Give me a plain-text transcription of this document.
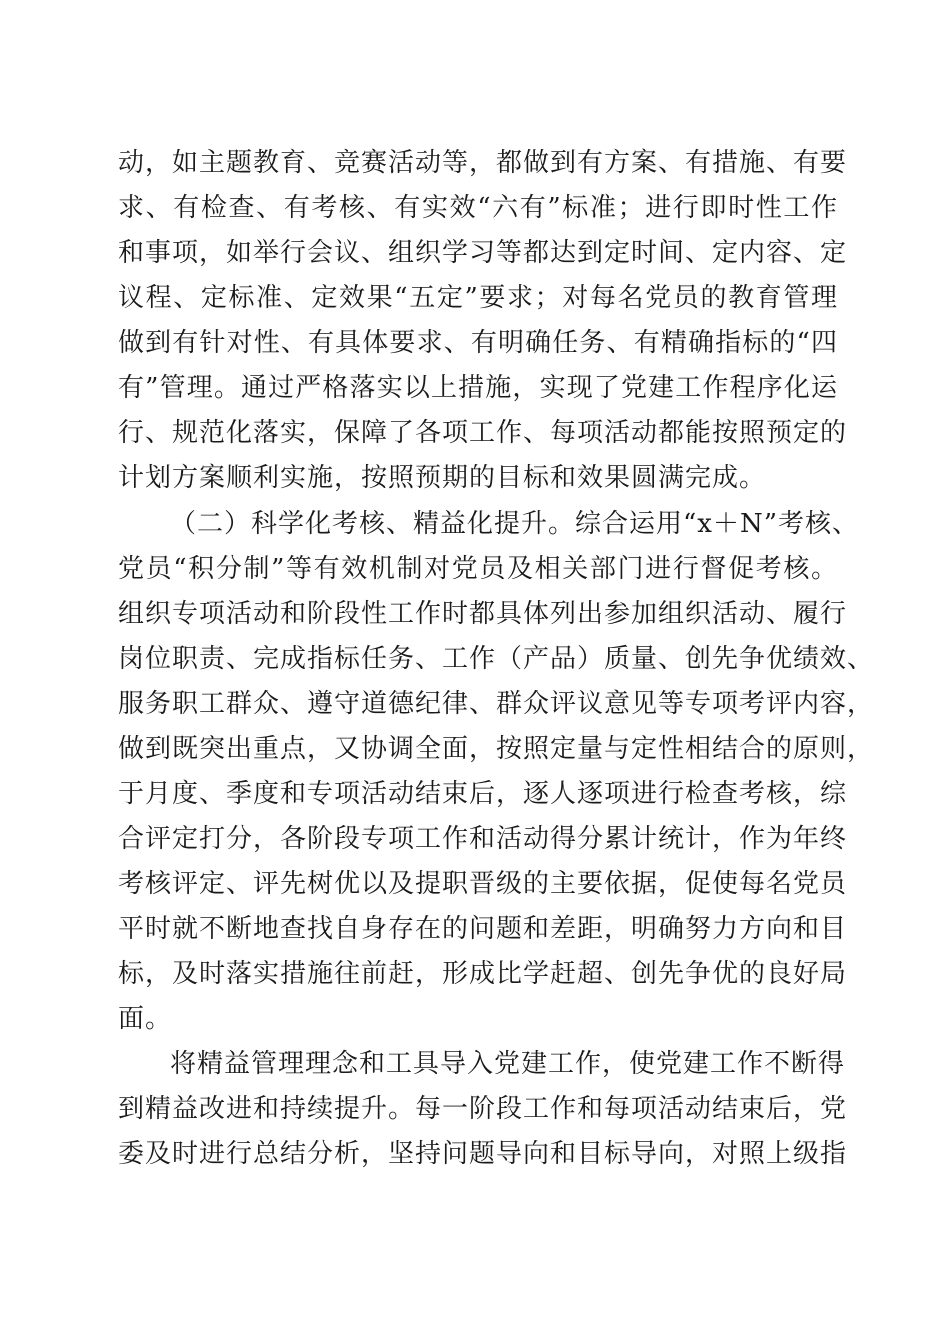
动，如主题教育、竞赛活动等，都做到有方案、有措施、有要
求、有检查、有考核、有实效“六有”标准；进行即时性工作
和事项，如举行会议、组织学习等都达到定时间、定内容、定
议程、定标准、定效果“五定”要求；对每名党员的教育管理
做到有针对性、有具体要求、有明确任务、有精确指标的“四
有”管理。通过严格落实以上措施，实现了党建工作程序化运
行、规范化落实，保障了各项工作、每项活动都能按照预定的
计划方案顺利实施，按照预期的目标和效果圆满完成。
（二）科学化考核、精益化提升。综合运用“x＋N”考核、
党员“积分制”等有效机制对党员及相关部门进行督促考核。
组织专项活动和阶段性工作时都具体列出参加组织活动、履行
岗位职责、完成指标任务、工作（产品）质量、创先争优绩效、
服务职工群众、遵守道德纪律、群众评议意见等专项考评内容，
做到既突出重点，又协调全面，按照定量与定性相结合的原则，
于月度、季度和专项活动结束后，逐人逐项进行检查考核，综
合评定打分，各阶段专项工作和活动得分累计统计，作为年终
考核评定、评先树优以及提职晋级的主要依据，促使每名党员
平时就不断地查找自身存在的问题和差距，明确努力方向和目
标，及时落实措施往前赶，形成比学赶超、创先争优的良好局
面。
将精益管理理念和工具导入党建工作，使党建工作不断得
到精益改进和持续提升。每一阶段工作和每项活动结束后，党
委及时进行总结分析，坚持问题导向和目标导向，对照上级指
